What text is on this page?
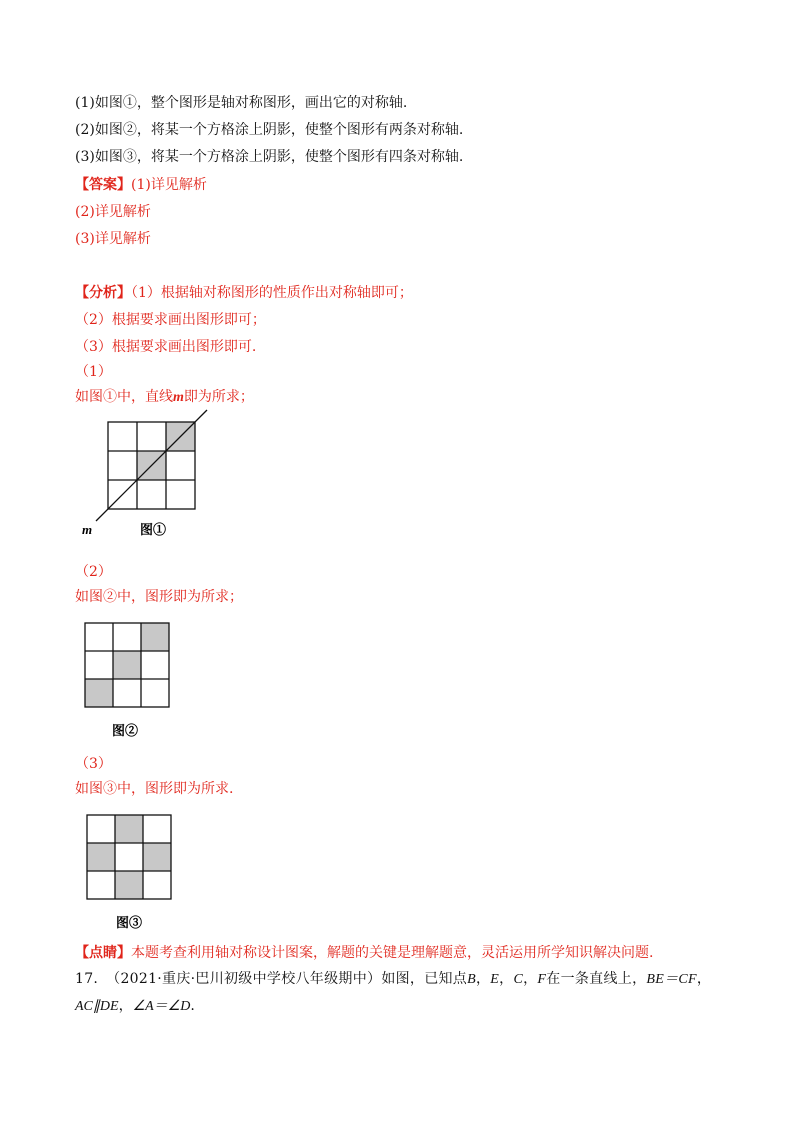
(1)如图①，整个图形是轴对称图形，画出它的对称轴.
(2)如图②，将某一个方格涂上阴影，使整个图形有两条对称轴.
(3)如图③，将某一个方格涂上阴影，使整个图形有四条对称轴.
【答案】(1)详见解析
(2)详见解析
(3)详见解析
【分析】（1）根据轴对称图形的性质作出对称轴即可；
（2）根据要求画出图形即可；
（3）根据要求画出图形即可.
（1）
如图①中，直线m即为所求；
m	图①
（2）
如图②中，图形即为所求；
图②
（3）
如图③中，图形即为所求.
图③
【点睛】本题考查利用轴对称设计图案，解题的关键是理解题意，灵活运用所学知识解决问题.
17. （2021·重庆·巴川初级中学校八年级期中）如图，已知点B，E，C，F在一条直线上，BE＝CF，
AC∥DE，∠A＝∠D.
